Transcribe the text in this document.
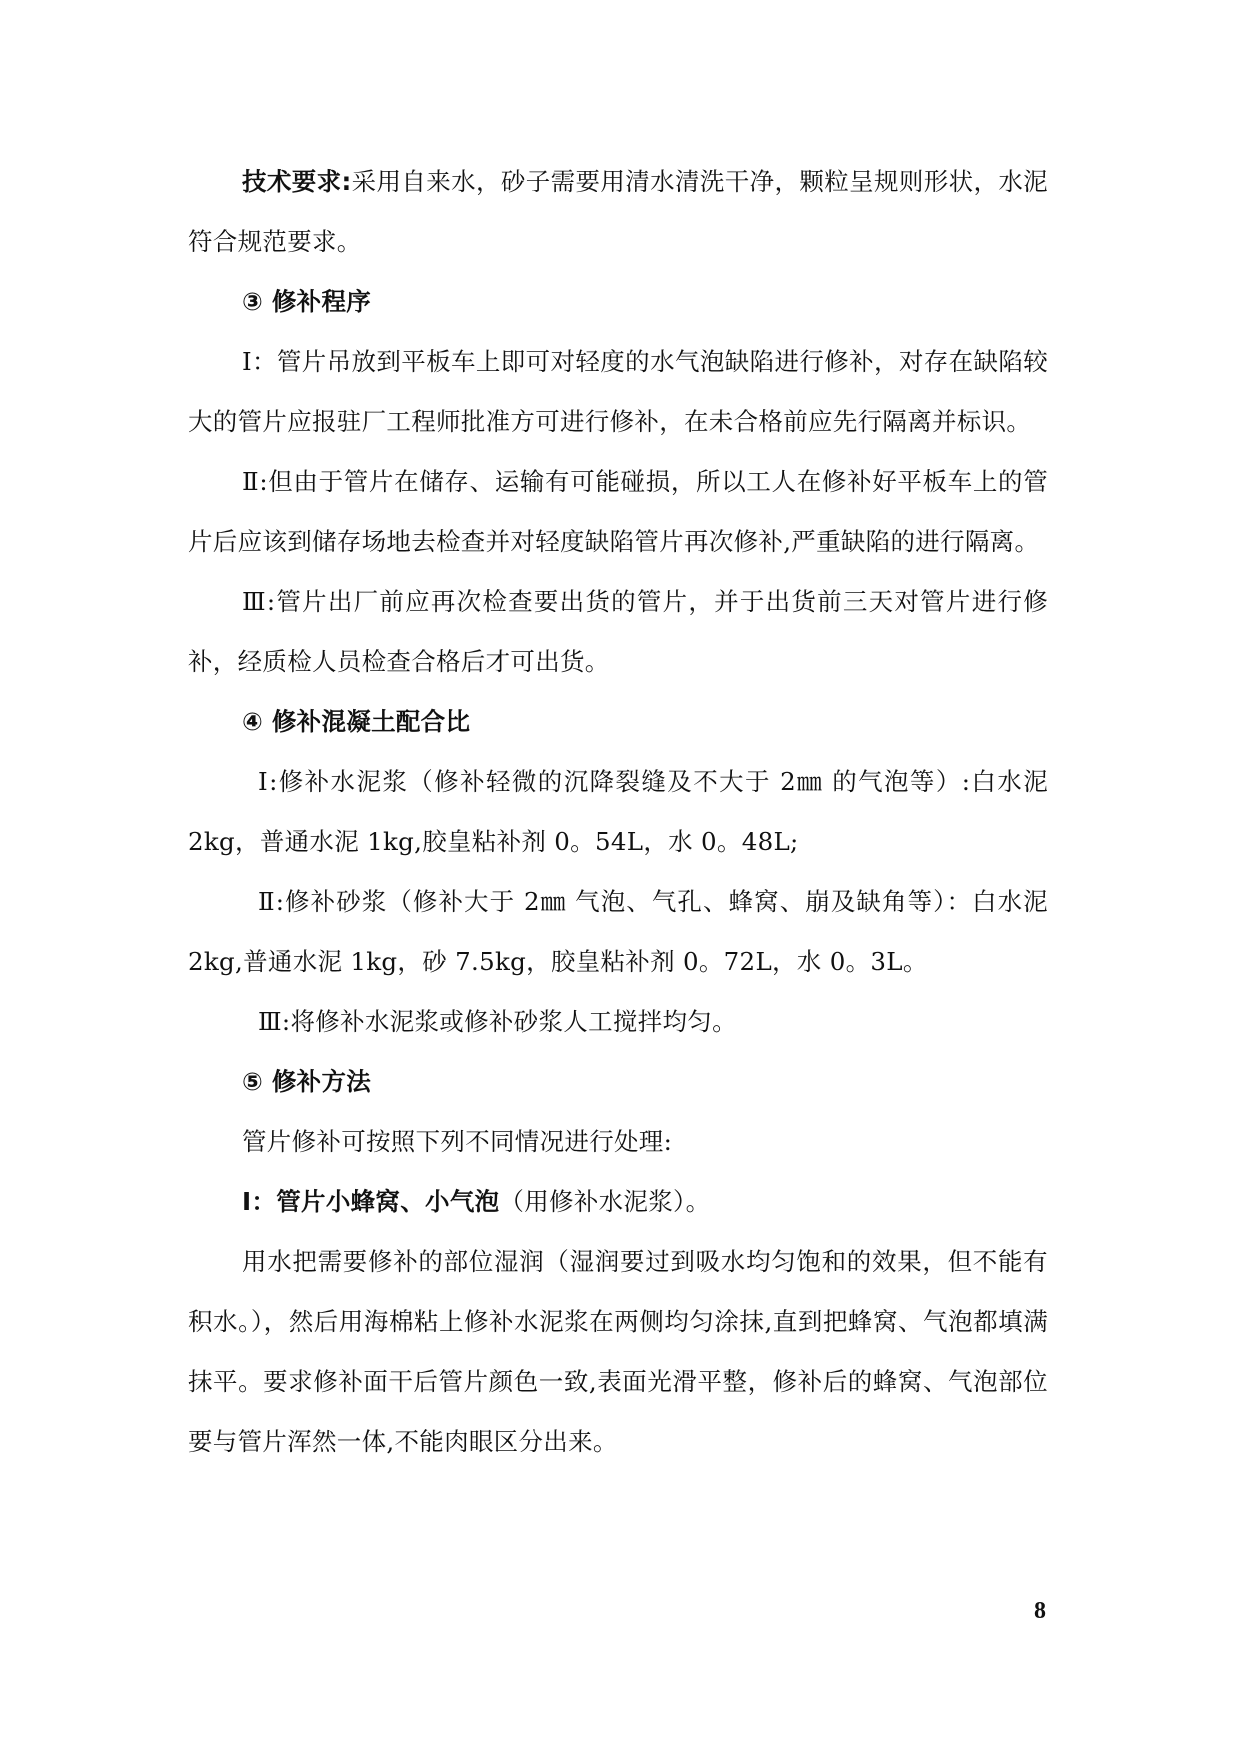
技术要求:采用自来水，砂子需要用清水清洗干净，颗粒呈规则形状，水泥符合规范要求。

③ 修补程序

Ⅰ：管片吊放到平板车上即可对轻度的水气泡缺陷进行修补，对存在缺陷较大的管片应报驻厂工程师批准方可进行修补，在未合格前应先行隔离并标识。

Ⅱ:但由于管片在储存、运输有可能碰损，所以工人在修补好平板车上的管片后应该到储存场地去检查并对轻度缺陷管片再次修补,严重缺陷的进行隔离。

Ⅲ:管片出厂前应再次检查要出货的管片，并于出货前三天对管片进行修补，经质检人员检查合格后才可出货。

④ 修补混凝土配合比

Ⅰ:修补水泥浆（修补轻微的沉降裂缝及不大于 2㎜ 的气泡等）:白水泥2kg，普通水泥 1kg,胶皇粘补剂 0。54L，水 0。48L;

Ⅱ:修补砂浆（修补大于 2㎜ 气泡、气孔、蜂窝、崩及缺角等）：白水泥 2kg,普通水泥 1kg，砂 7.5kg，胶皇粘补剂 0。72L，水 0。3L。

Ⅲ:将修补水泥浆或修补砂浆人工搅拌均匀。

⑤ 修补方法

管片修补可按照下列不同情况进行处理:

Ⅰ：管片小蜂窝、小气泡（用修补水泥浆）。

用水把需要修补的部位湿润（湿润要过到吸水均匀饱和的效果，但不能有积水。），然后用海棉粘上修补水泥浆在两侧均匀涂抹,直到把蜂窝、气泡都填满抹平。要求修补面干后管片颜色一致,表面光滑平整，修补后的蜂窝、气泡部位要与管片浑然一体,不能肉眼区分出来。

8
